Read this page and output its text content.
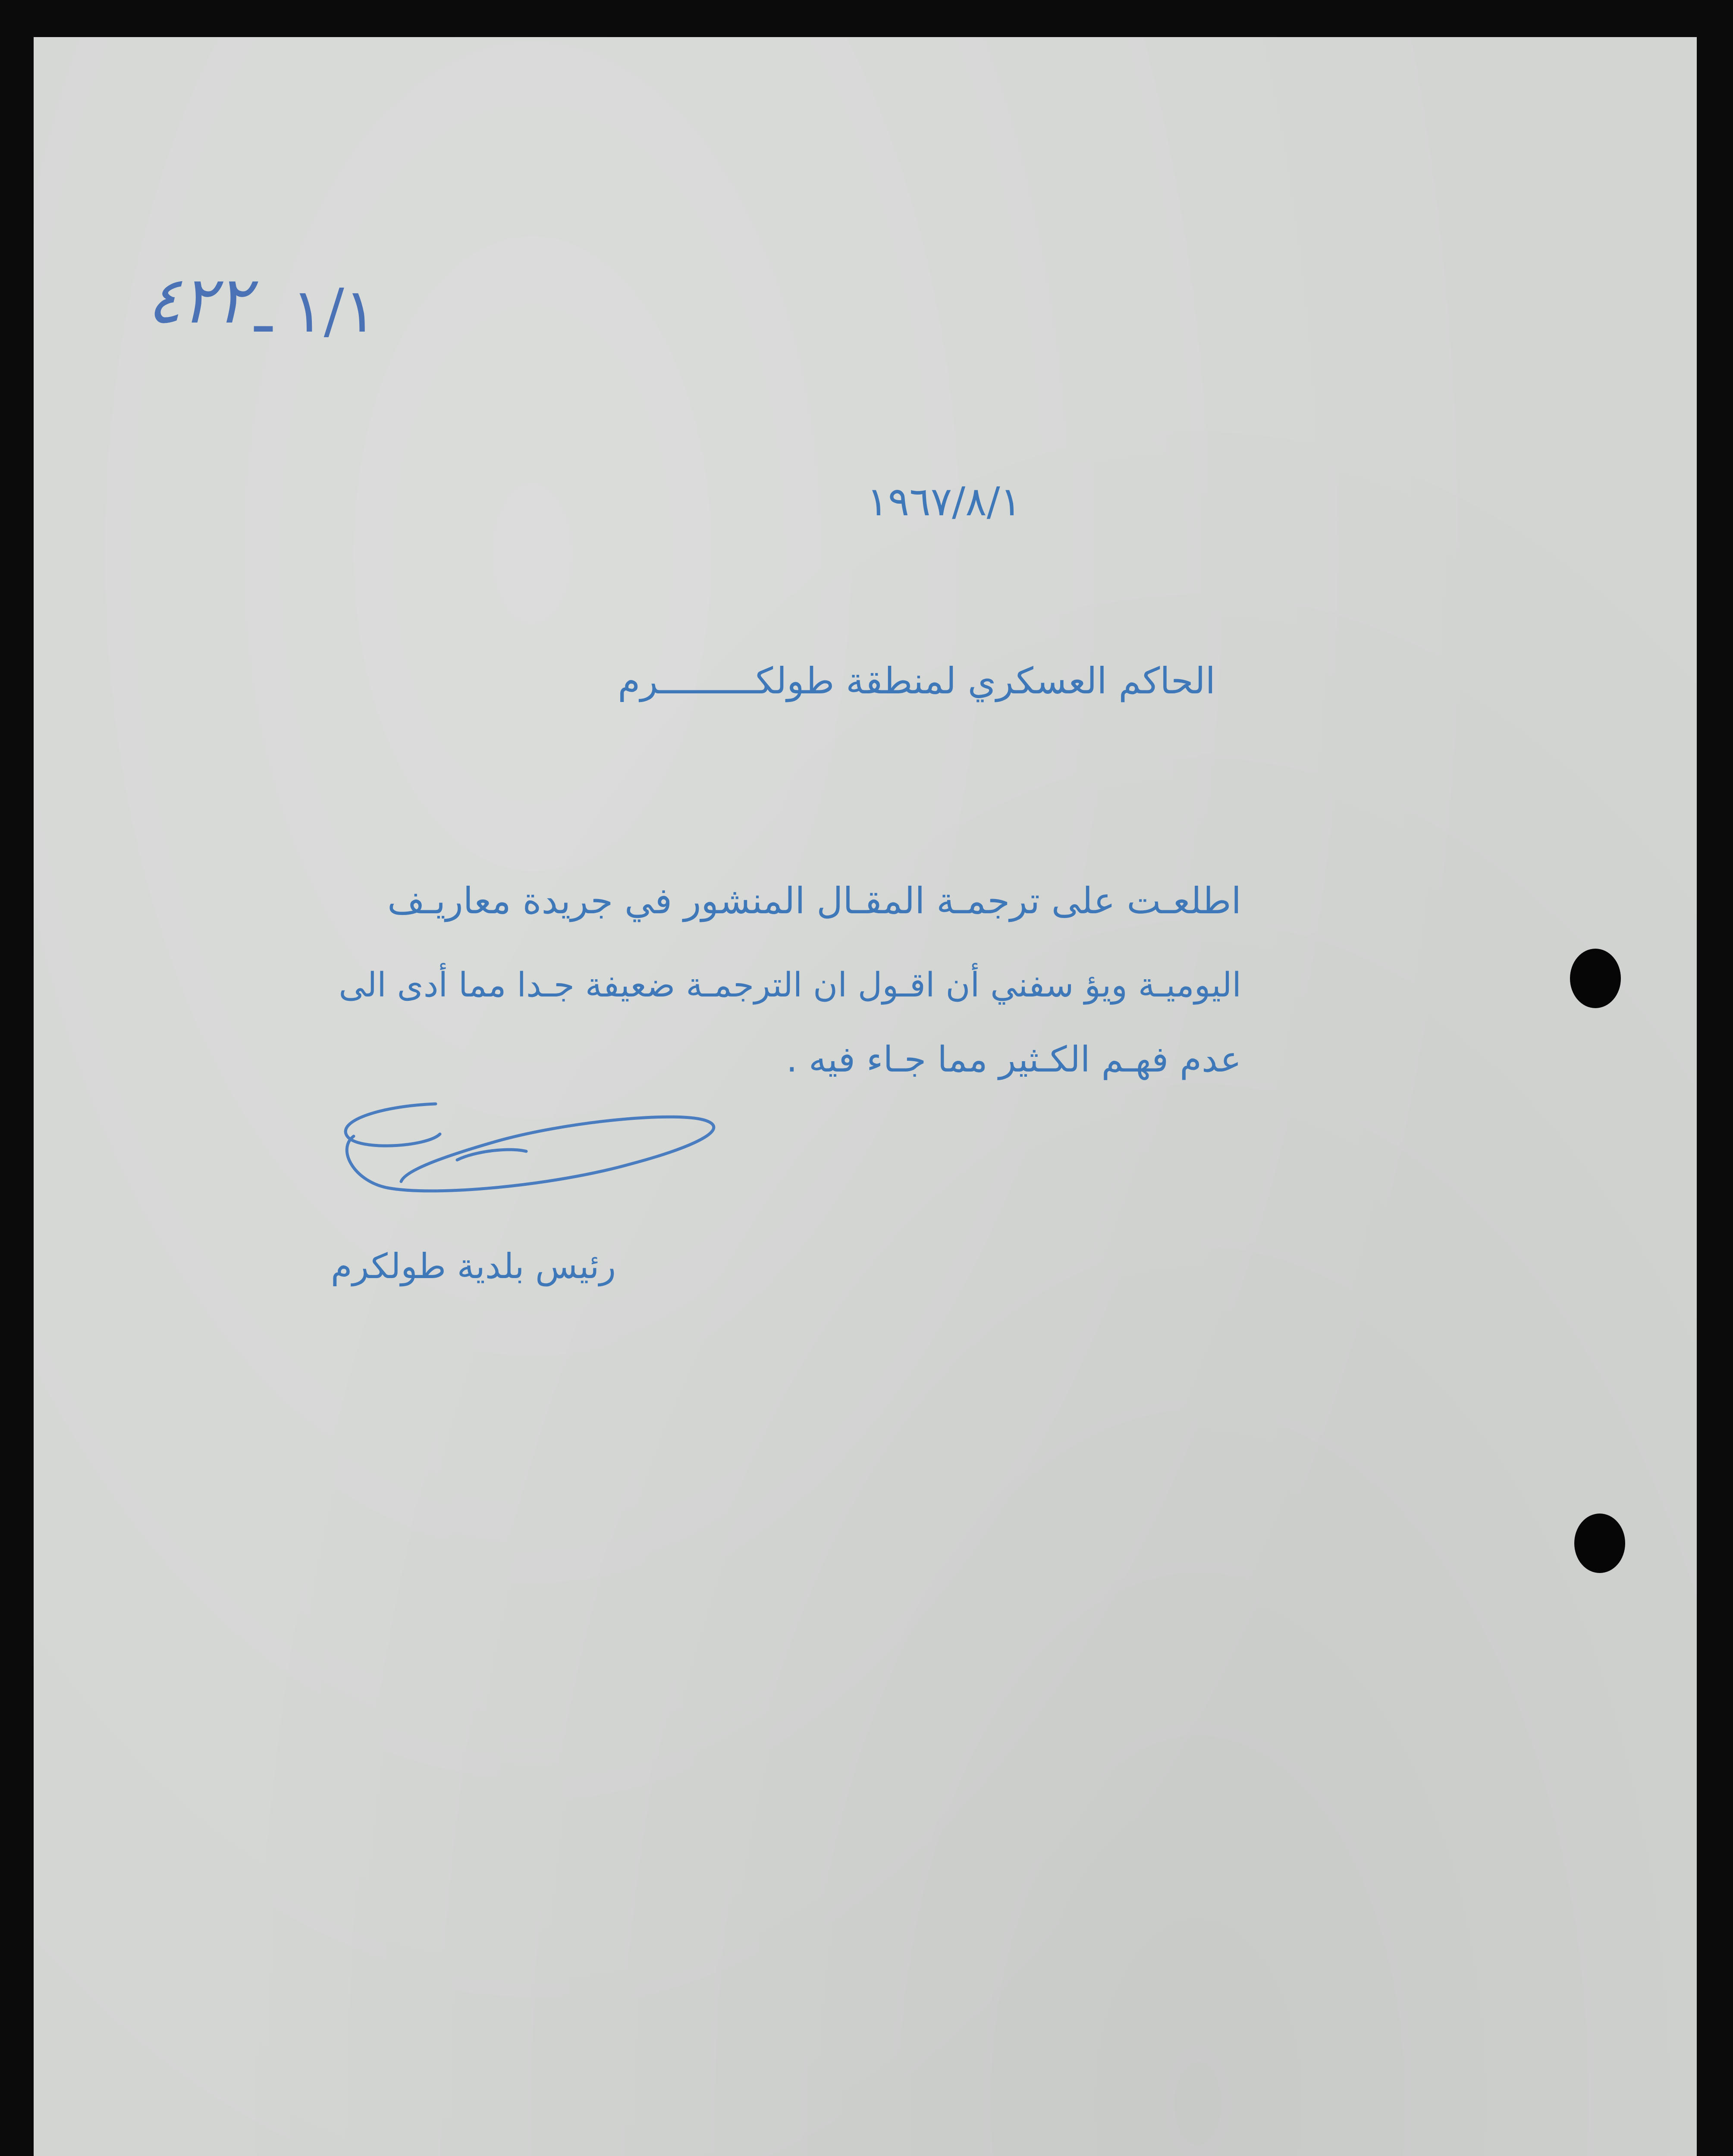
٤٢٢ ١/١ ـ
١٩٦٧/٨/١
الحاكم العسكري لمنطقة طولكـــــــــرم
اطلعـت على ترجمـة المقـال المنشور في جريدة معاريـف
اليوميـة ويؤ سفني أن اقـول ان الترجمـة ضعيفة جـدا مما أدى الى
عدم فهـم الكـثير مما جـاء فيه .
رئيس بلدية طولكرم
